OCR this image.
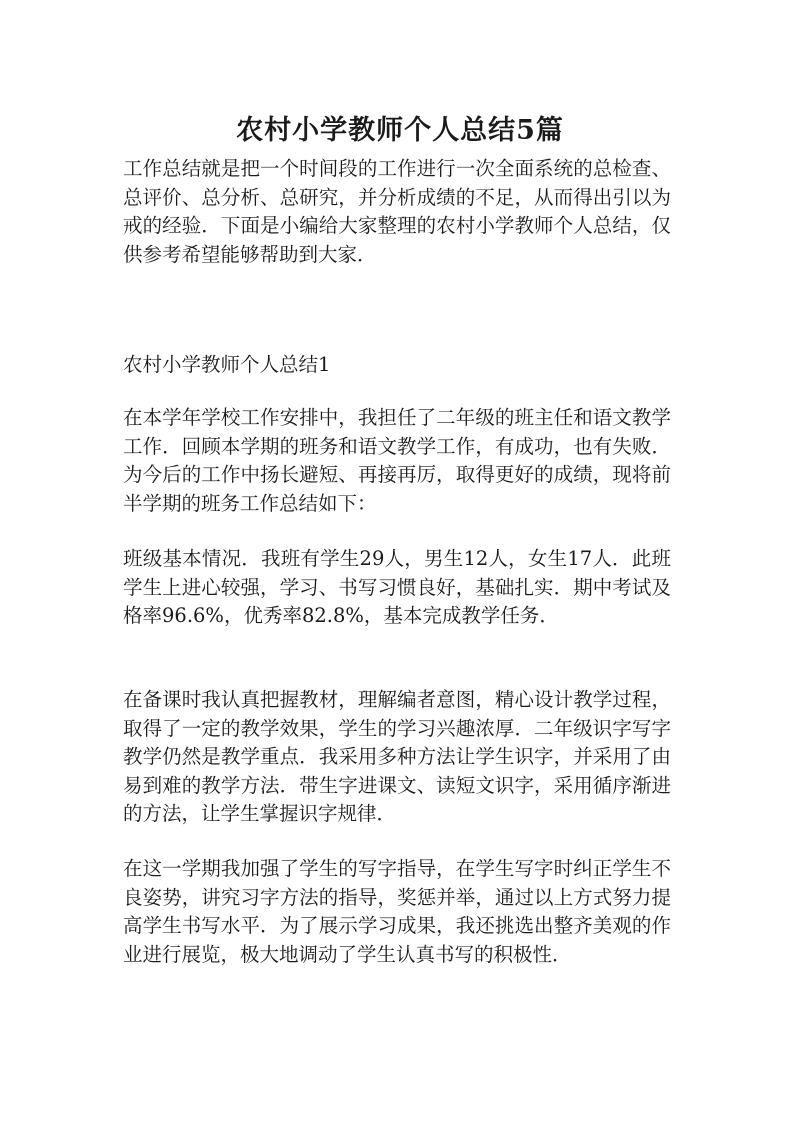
农村小学教师个人总结5篇

工作总结就是把一个时间段的工作进行一次全面系统的总检查、总评价、总分析、总研究，并分析成绩的不足，从而得出引以为戒的经验．下面是小编给大家整理的农村小学教师个人总结，仅供参考希望能够帮助到大家．

农村小学教师个人总结1

在本学年学校工作安排中，我担任了二年级的班主任和语文教学工作．回顾本学期的班务和语文教学工作，有成功，也有失败．为今后的工作中扬长避短、再接再厉，取得更好的成绩，现将前半学期的班务工作总结如下：

班级基本情况．我班有学生29人，男生12人，女生17人．此班学生上进心较强，学习、书写习惯良好，基础扎实．期中考试及格率96.6%，优秀率82.8%，基本完成教学任务．

在备课时我认真把握教材，理解编者意图，精心设计教学过程，取得了一定的教学效果，学生的学习兴趣浓厚．二年级识字写字教学仍然是教学重点．我采用多种方法让学生识字，并采用了由易到难的教学方法．带生字进课文、读短文识字，采用循序渐进的方法，让学生掌握识字规律．

在这一学期我加强了学生的写字指导，在学生写字时纠正学生不良姿势，讲究习字方法的指导，奖惩并举，通过以上方式努力提高学生书写水平．为了展示学习成果，我还挑选出整齐美观的作业进行展览，极大地调动了学生认真书写的积极性．
